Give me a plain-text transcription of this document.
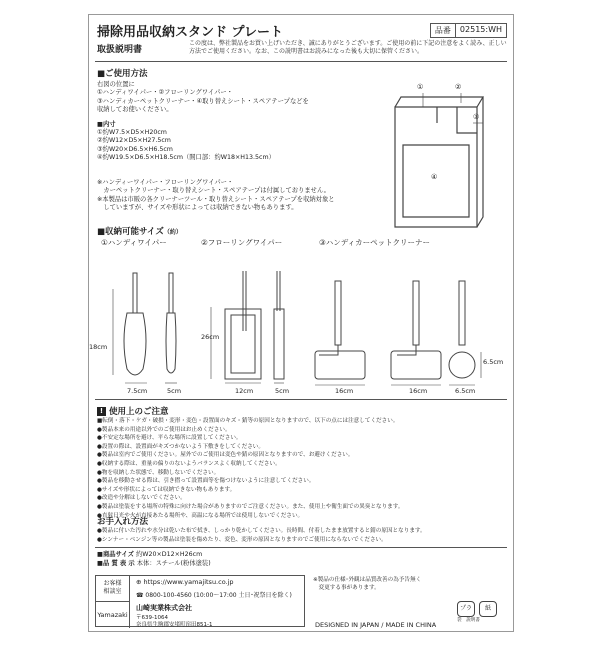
掃除用品収納スタンド プレート	品番	02515:WH
取扱説明書
この度は、弊社製品をお買い上げいただき、誠にありがとうございます。ご使用の前に下記の注意をよく読み、正しい方法でご使用ください。なお、この説明書はお読みになった後も大切に保管ください。
■ご使用方法
右図の位置に
①ハンディワイパー・②フローリングワイパー・
③ハンディカーペットクリーナー・④取り替えシート・スペアテープなどを
収納してお使いください。
■内寸
①約W7.5×D5×H20cm
②約W12×D5×H27.5cm
③約W20×D6.5×H6.5cm
④約W19.5×D6.5×H18.5cm（開口部：約W18×H13.5cm）
※ハンディーワイパー・フローリングワイパー・
　カーペットクリーナー・取り替えシート・スペアテープは付属しておりません。
※本製品は市販の各クリーナーツール・取り替えシート・スペアテープを収納対象と
　していますが、サイズや形状によっては収納できない物もあります。
①	②
③
④
■収納可能サイズ（約）
①ハンディワイパー	②フローリングワイパー	③ハンディカーペットクリーナー
18cm
7.5cm	5cm
26cm
12cm	5cm	16cm	16cm	6.5cm
6.5cm
! 使用上のご注意
■転倒・落下・ケガ・破損・変形・変色・設置面のキズ・錆等の原因となりますので、以下の点には注意してください。
●製品本来の用途以外でのご使用はお止めください。
●不安定な場所を避け、平らな場所に設置してください。
●設置の際は、設置面がキズつかないよう下敷きをしてください。
●製品は室内でご使用ください。屋外でのご使用は変色や錆の原因となりますので、お避けください。
●収納する際は、重量の偏りのないようバランスよく収納してください。
●物を収納した状態で、移動しないでください。
●製品を移動させる際は、引き摺って設置面等を傷つけないように注意してください。
●サイズや形状によっては収納できない物もあります。
●改造や分解はしないでください。
●製品は塗装をする場所の特殊に向けた場合がありますのでご注意ください。また、使用上や衛生面での異臭となります。
●直射日光や火が直接あたる場所や、高温になる場所では使用しないでください。
お手入れ方法
●製品に付いた汚れや水分は乾いた布で拭き、しっかり乾かしてください。長時間、付着したまま放置すると錆の原因となります。
●シンナー・ベンジン等の製品は塗装を傷めたり、変色、変形の原因となりますのでご使用にならないでください。
■商品サイズ 約W20×D12×H26cm
■品 質 表 示 本体：スチール(粉体塗装)
お客様
相談室
Yamazaki
⊕ https://www.yamajitsu.co.jp
☎ 0800-100-4560 (10:00〜17:00 土日･祝祭日を除く)
山崎実業株式会社
〒639-1064
奈良県生駒郡安堵町窪田851-1
※製品の仕様･外観は品質改善の為予告無く
　変更する事があります。
プラ	紙
袋　説明書
DESIGNED IN JAPAN / MADE IN CHINA
